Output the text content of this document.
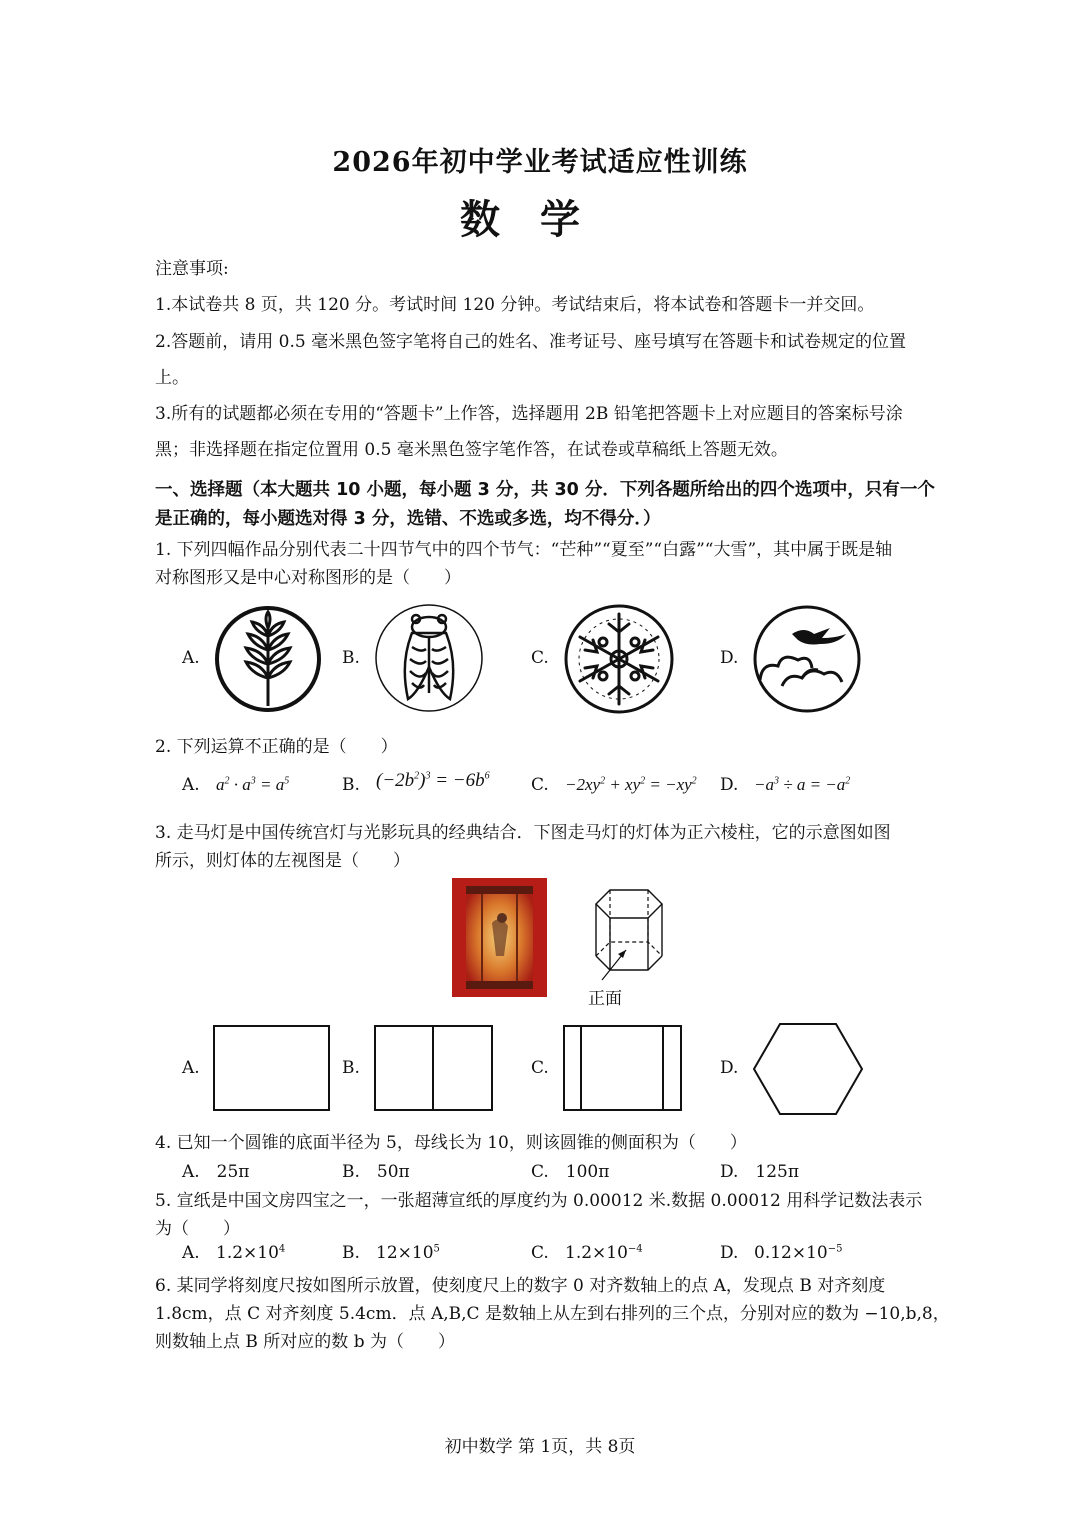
2026年初中学业考试适应性训练
数学
注意事项:
1.本试卷共 8 页，共 120 分。考试时间 120 分钟。考试结束后，将本试卷和答题卡一并交回。
2.答题前，请用 0.5 毫米黑色签字笔将自己的姓名、准考证号、座号填写在答题卡和试卷规定的位置
上。
3.所有的试题都必须在专用的“答题卡”上作答，选择题用 2B 铅笔把答题卡上对应题目的答案标号涂
黑；非选择题在指定位置用 0.5 毫米黑色签字笔作答，在试卷或草稿纸上答题无效。
一、选择题（本大题共 10 小题，每小题 3 分，共 30 分．下列各题所给出的四个选项中，只有一个
是正确的，每小题选对得 3 分，选错、不选或多选，均不得分．）
1. 下列四幅作品分别代表二十四节气中的四个节气：“芒种”“夏至”“白露”“大雪”，其中属于既是轴
对称图形又是中心对称图形的是（　　）
A.	B.	C.	D.
2. 下列运算不正确的是（　　）
A. $a^2 \cdot a^3 = a^5$	B. $(-2b^2)^3 = -6b^6$ C. $-2xy^2 + xy^2 = -xy^2$ D. $-a^3 \div a = -a^2$
3. 走马灯是中国传统宫灯与光影玩具的经典结合．下图走马灯的灯体为正六棱柱，它的示意图如图
所示，则灯体的左视图是（　　）
正面
A.	B.	C.	D.
4. 已知一个圆锥的底面半径为 5，母线长为 10，则该圆锥的侧面积为（　　）
A.　25π	B.　50π	C.　100π	D.　125π
5. 宣纸是中国文房四宝之一，一张超薄宣纸的厚度约为 0.00012 米.数据 0.00012 用科学记数法表示
为（　　）
A. $1.2\times 10^4$	B. $12\times 10^5$	C. $1.2\times 10^{-4}$	D. $0.12\times 10^{-5}$
6. 某同学将刻度尺按如图所示放置，使刻度尺上的数字 0 对齐数轴上的点 A，发现点 B 对齐刻度
1.8cm，点 C 对齐刻度 5.4cm．点 A,B,C 是数轴上从左到右排列的三个点，分别对应的数为 −10,b,8，
则数轴上点 B 所对应的数 b 为（　　）
初中数学 第 1页，共 8页
